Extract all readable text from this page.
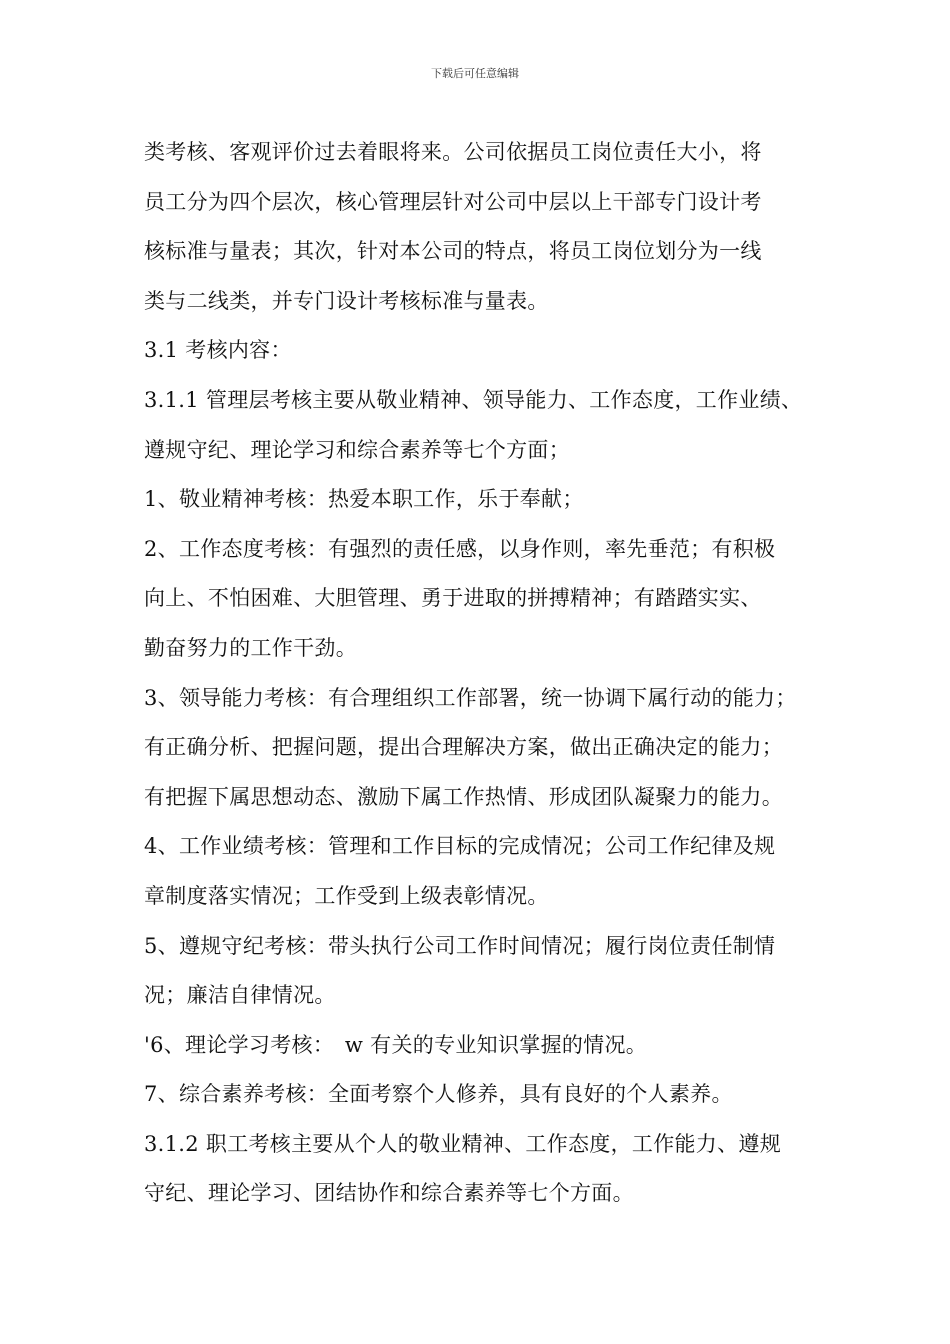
下载后可任意编辑
类考核、客观评价过去着眼将来。公司依据员工岗位责任大小，将
员工分为四个层次，核心管理层针对公司中层以上干部专门设计考
核标准与量表；其次，针对本公司的特点，将员工岗位划分为一线
类与二线类，并专门设计考核标准与量表。
3.1 考核内容：
3.1.1 管理层考核主要从敬业精神、领导能力、工作态度，工作业绩、
遵规守纪、理论学习和综合素养等七个方面；
1、敬业精神考核：热爱本职工作，乐于奉献；
2、工作态度考核：有强烈的责任感，以身作则，率先垂范；有积极
向上、不怕困难、大胆管理、勇于进取的拼搏精神；有踏踏实实、
勤奋努力的工作干劲。
3、领导能力考核：有合理组织工作部署，统一协调下属行动的能力；
有正确分析、把握问题，提出合理解决方案，做出正确决定的能力；
有把握下属思想动态、激励下属工作热情、形成团队凝聚力的能力。
4、工作业绩考核：管理和工作目标的完成情况；公司工作纪律及规
章制度落实情况；工作受到上级表彰情况。
5、遵规守纪考核：带头执行公司工作时间情况；履行岗位责任制情
况；廉洁自律情况。
'6、理论学习考核：　w 有关的专业知识掌握的情况。
7、综合素养考核：全面考察个人修养，具有良好的个人素养。
3.1.2 职工考核主要从个人的敬业精神、工作态度，工作能力、遵规
守纪、理论学习、团结协作和综合素养等七个方面。
